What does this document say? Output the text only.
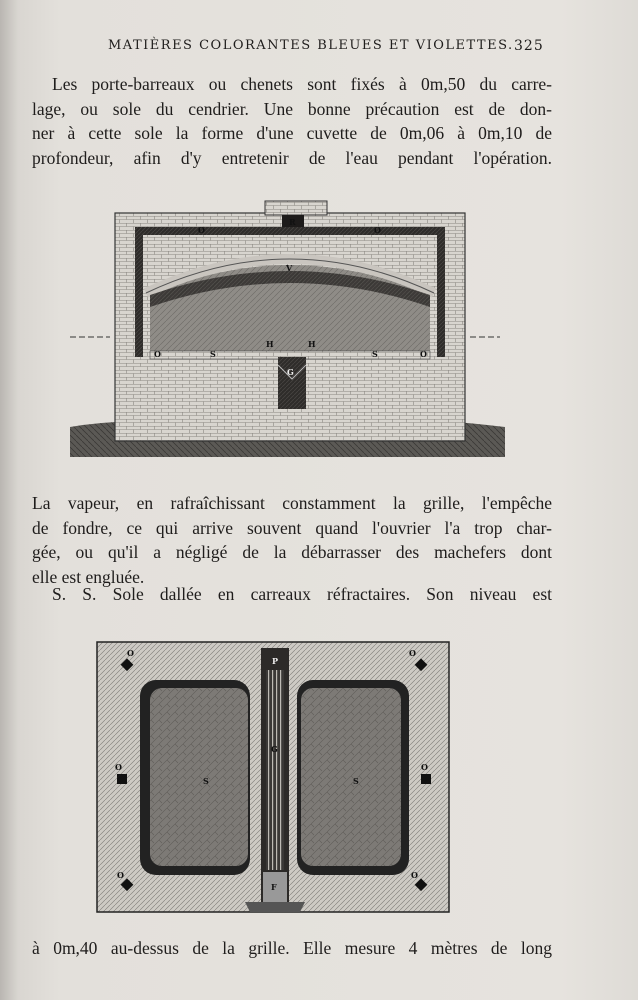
MATIÈRES COLORANTES BLEUES ET VIOLETTES. 325
Les porte-barreaux ou chenets sont fixés à 0m,50 du carre-
lage, ou sole du cendrier. Une bonne précaution est de don-
ner à cette sole la forme d'une cuvette de 0m,06 à 0m,10 de
profondeur, afin d'y entretenir de l'eau pendant l'opération.
R
O	O
V
O	S
H	H
S	O
G
La vapeur, en rafraîchissant constamment la grille, l'empêche
de fondre, ce qui arrive souvent quand l'ouvrier l'a trop char-
gée, ou qu'il a négligé de la débarrasser des machefers dont
elle est engluée.
S. S. Sole dallée en carreaux réfractaires. Son niveau est
P
G
F
S	S
O	O
O	O
O	O
à 0m,40 au-dessus de la grille. Elle mesure 4 mètres de long
